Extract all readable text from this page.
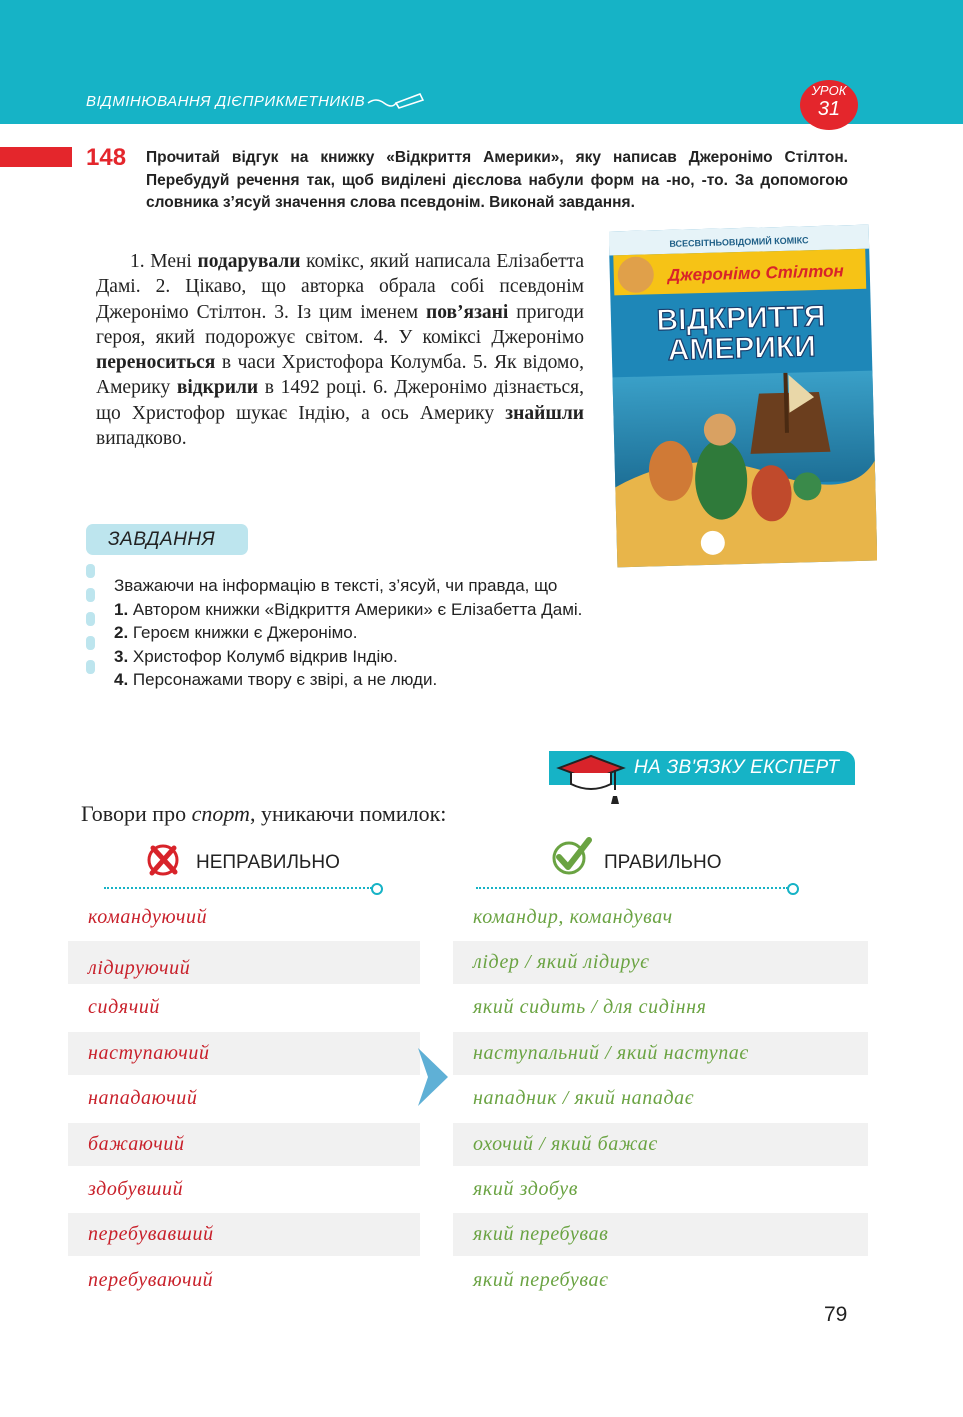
ВІДМІНЮВАННЯ ДІЄПРИКМЕТНИКІВ
УРОК
31
148 Прочитай відгук на книжку «Відкриття Америки», яку написав Джеронімо Стілтон. Перебудуй речення так, щоб виділені дієслова набули форм на -но, -то. За допомогою словника з’ясуй значення слова псевдонім. Виконай завдання.
1. Мені подарували комікс, який написала Елізабетта Дамі. 2. Цікаво, що авторка обрала собі псевдонім Джеронімо Стілтон. 3. Із цим іменем пов’язані пригоди героя, який подорожує світом. 4. У коміксі Джеронімо переноситься в часи Христофора Колумба. 5. Як відомо, Америку відкрили в 1492 році. 6. Джеронімо дізнається, що Христофор шукає Індію, а ось Америку знайшли випадково.
ВСЕСВІТНЬОВІДОМИЙ КОМІКС
Джеронімо Стілтон
ВІДКРИТТЯ
АМЕРИКИ
ЗАВДАННЯ
Зважаючи на інформацію в тексті, з’ясуй, чи правда, що
1. Автором книжки «Відкриття Америки» є Елізабетта Дамі.
2. Героєм книжки є Джеронімо.
3. Христофор Колумб відкрив Індію.
4. Персонажами твору є звірі, а не люди.
НА ЗВ'ЯЗКУ ЕКСПЕРТ
Говори про спорт, уникаючи помилок:
НЕПРАВИЛЬНО	ПРАВИЛЬНО
командуючий
лідируючий
сидячий
наступаючий
нападаючий
бажаючий
здобувший
перебувавший
перебуваючий
командир, командувач
лідер / який лідирує
який сидить / для сидіння
наступальний / який наступає
нападник / який нападає
охочий / який бажає
який здобув
який перебував
який перебуває
79
